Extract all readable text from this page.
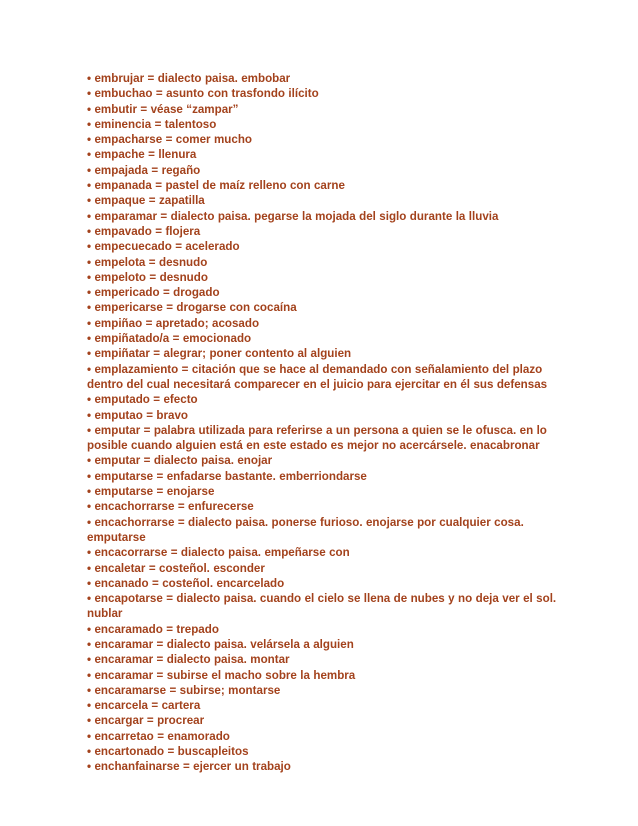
• embrujar = dialecto paisa. embobar
• embuchao = asunto con trasfondo ilícito
• embutir = véase “zampar”
• eminencia = talentoso
• empacharse = comer mucho
• empache = llenura
• empajada = regaño
• empanada = pastel de maíz relleno con carne
• empaque = zapatilla
• emparamar = dialecto paisa. pegarse la mojada del siglo durante la lluvia
• empavado = flojera
• empecuecado = acelerado
• empelota = desnudo
• empeloto = desnudo
• empericado = drogado
• empericarse = drogarse con cocaína
• empiñao = apretado; acosado
• empiñatado/a = emocionado
• empiñatar = alegrar; poner contento al alguien
• emplazamiento = citación que se hace al demandado con señalamiento del plazo dentro del cual necesitará comparecer en el juicio para ejercitar en él sus defensas
• emputado = efecto
• emputao = bravo
• emputar = palabra utilizada para referirse a un persona a quien se le ofusca. en lo posible cuando alguien está en este estado es mejor no acercársele. enacabronar
• emputar = dialecto paisa. enojar
• emputarse = enfadarse bastante. emberriondarse
• emputarse = enojarse
• encachorrarse = enfurecerse
• encachorrarse = dialecto paisa. ponerse furioso. enojarse por cualquier cosa. emputarse
• encacorrarse = dialecto paisa. empeñarse con
• encaletar = costeñol. esconder
• encanado = costeñol. encarcelado
• encapotarse = dialecto paisa. cuando el cielo se llena de nubes y no deja ver el sol. nublar
• encaramado = trepado
• encaramar = dialecto paisa. velársela a alguien
• encaramar = dialecto paisa. montar
• encaramar = subirse el macho sobre la hembra
• encaramarse = subirse; montarse
• encarcela = cartera
• encargar = procrear
• encarretao = enamorado
• encartonado = buscapleitos
• enchanfainarse = ejercer un trabajo
